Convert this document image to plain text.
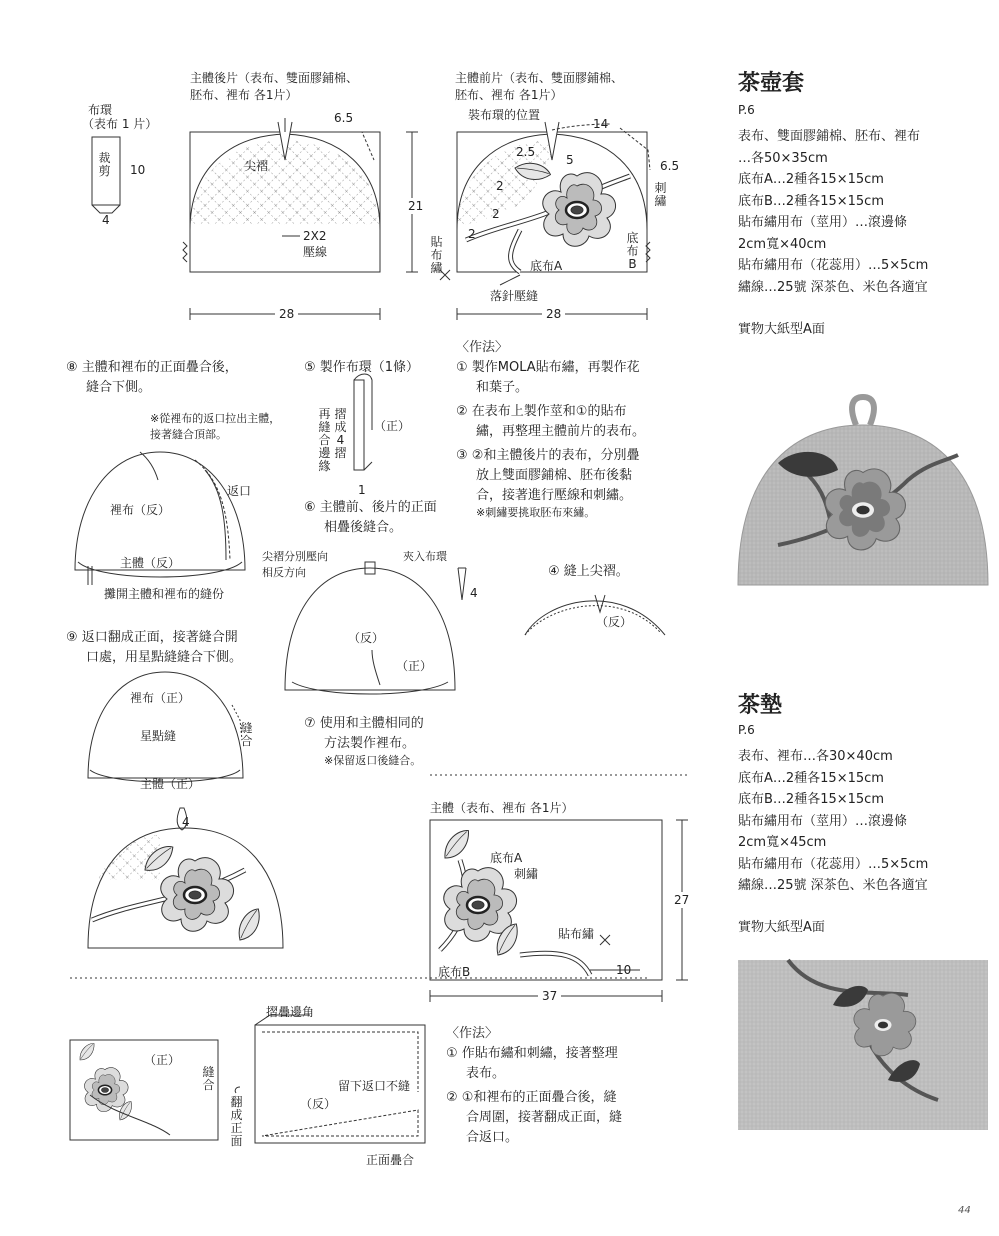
布環
（表布 1 片）
裁剪 10
4
主體後片（表布、雙面膠鋪棉、
胚布、裡布 各1片）
尖褶
2X2
壓線
6.5
28
21
主體前片（表布、雙面膠鋪棉、
胚布、裡布 各1片）
裝布環的位置
14
2.5
5	6.5
2
2
2
刺繡
貼布繡	底布A
底布B
落針壓縫
28
〈作法〉
① 製作MOLA貼布繡，再製作花
和葉子。
② 在表布上製作莖和①的貼布
繡，再整理主體前片的表布。
③ ②和主體後片的表布，分別疊
放上雙面膠鋪棉、胚布後黏
合，接著進行壓線和刺繡。
※刺繡要挑取胚布來繡。
⑧ 主體和裡布的正面疊合後，
縫合下側。
※從裡布的返口拉出主體，
接著縫合頂部。
返口
裡布（反）
主體（反）
攤開主體和裡布的縫份
⑨ 返口翻成正面，接著縫合開
口處，用星點縫縫合下側。
裡布（正）
星點縫
縫合
主體（正）
4
⑤ 製作布環（1條）
再縫合邊緣
摺成4摺
（正）
1
⑥ 主體前、後片的正面
相疊後縫合。
尖褶分別壓向
相反方向
夾入布環
4
（反）
（正）
④ 縫上尖褶。
（反）
⑦ 使用和主體相同的
方法製作裡布。
※保留返口後縫合。
主體（表布、裡布 各1片）
底布A
刺繡
貼布繡
底布B	10
27
37
（正）
縫合
翻成正面
摺疊邊角
（反）
留下返口不縫
正面疊合
〈作法〉
① 作貼布繡和刺繡，接著整理
表布。
② ①和裡布的正面疊合後，縫
合周圍，接著翻成正面，縫
合返口。
茶壺套
P.6
表布、雙面膠鋪棉、胚布、裡布
…各50×35cm
底布A…2種各15×15cm
底布B…2種各15×15cm
貼布繡用布（莖用）…滾邊條
2cm寬×40cm
貼布繡用布（花蕊用）…5×5cm
繡線…25號 深茶色、米色各適宜
實物大紙型A面
茶墊
P.6
表布、裡布…各30×40cm
底布A…2種各15×15cm
底布B…2種各15×15cm
貼布繡用布（莖用）…滾邊條
2cm寬×45cm
貼布繡用布（花蕊用）…5×5cm
繡線…25號 深茶色、米色各適宜
實物大紙型A面
44
